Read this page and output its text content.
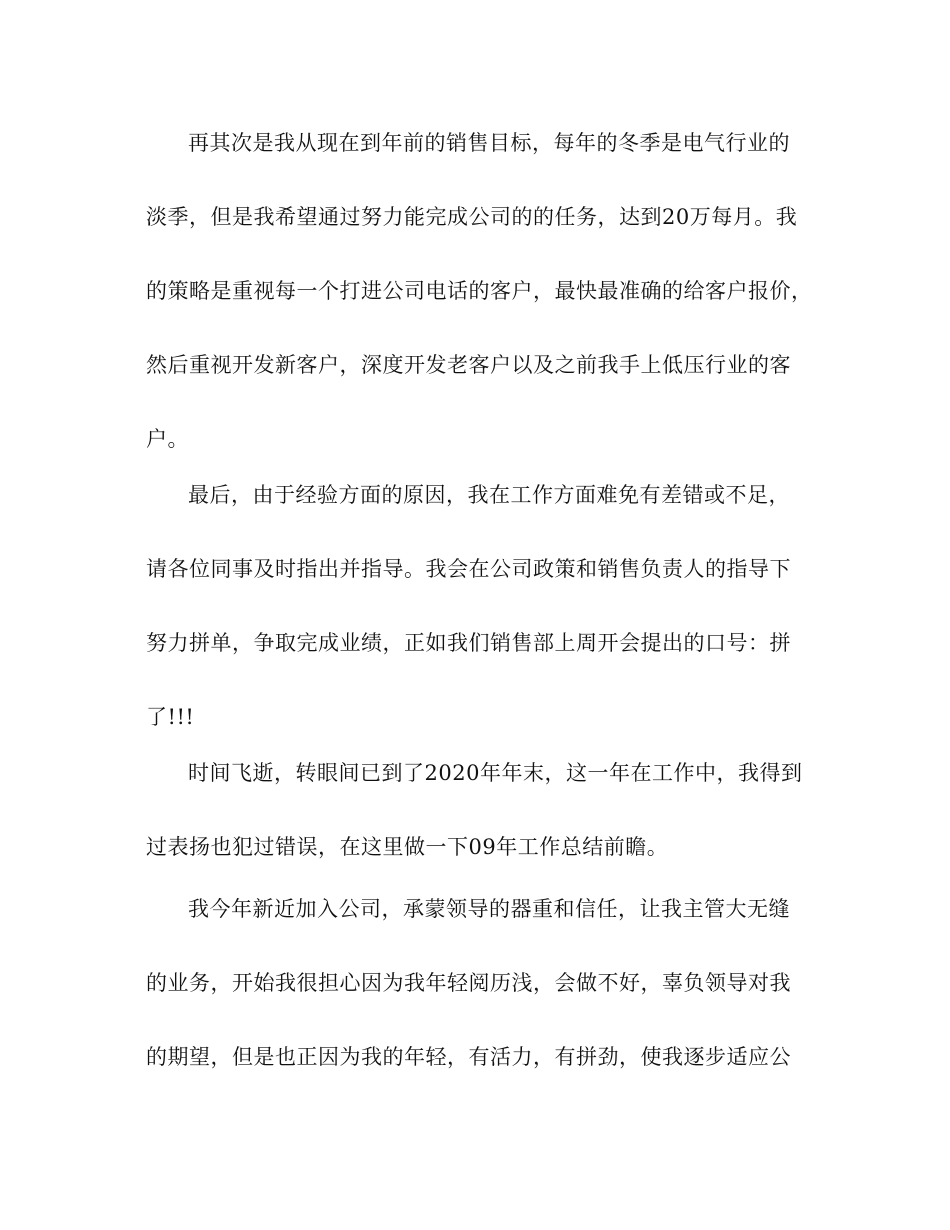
再其次是我从现在到年前的销售目标，每年的冬季是电气行业的
淡季，但是我希望通过努力能完成公司的的任务，达到20万每月。我
的策略是重视每一个打进公司电话的客户，最快最准确的给客户报价，
然后重视开发新客户，深度开发老客户以及之前我手上低压行业的客
户。
最后，由于经验方面的原因，我在工作方面难免有差错或不足，
请各位同事及时指出并指导。我会在公司政策和销售负责人的指导下
努力拼单，争取完成业绩，正如我们销售部上周开会提出的口号：拼
了!!!
时间飞逝，转眼间已到了2020年年末，这一年在工作中，我得到
过表扬也犯过错误，在这里做一下09年工作总结前瞻。
我今年新近加入公司，承蒙领导的器重和信任，让我主管大无缝
的业务，开始我很担心因为我年轻阅历浅，会做不好，辜负领导对我
的期望，但是也正因为我的年轻，有活力，有拼劲，使我逐步适应公
